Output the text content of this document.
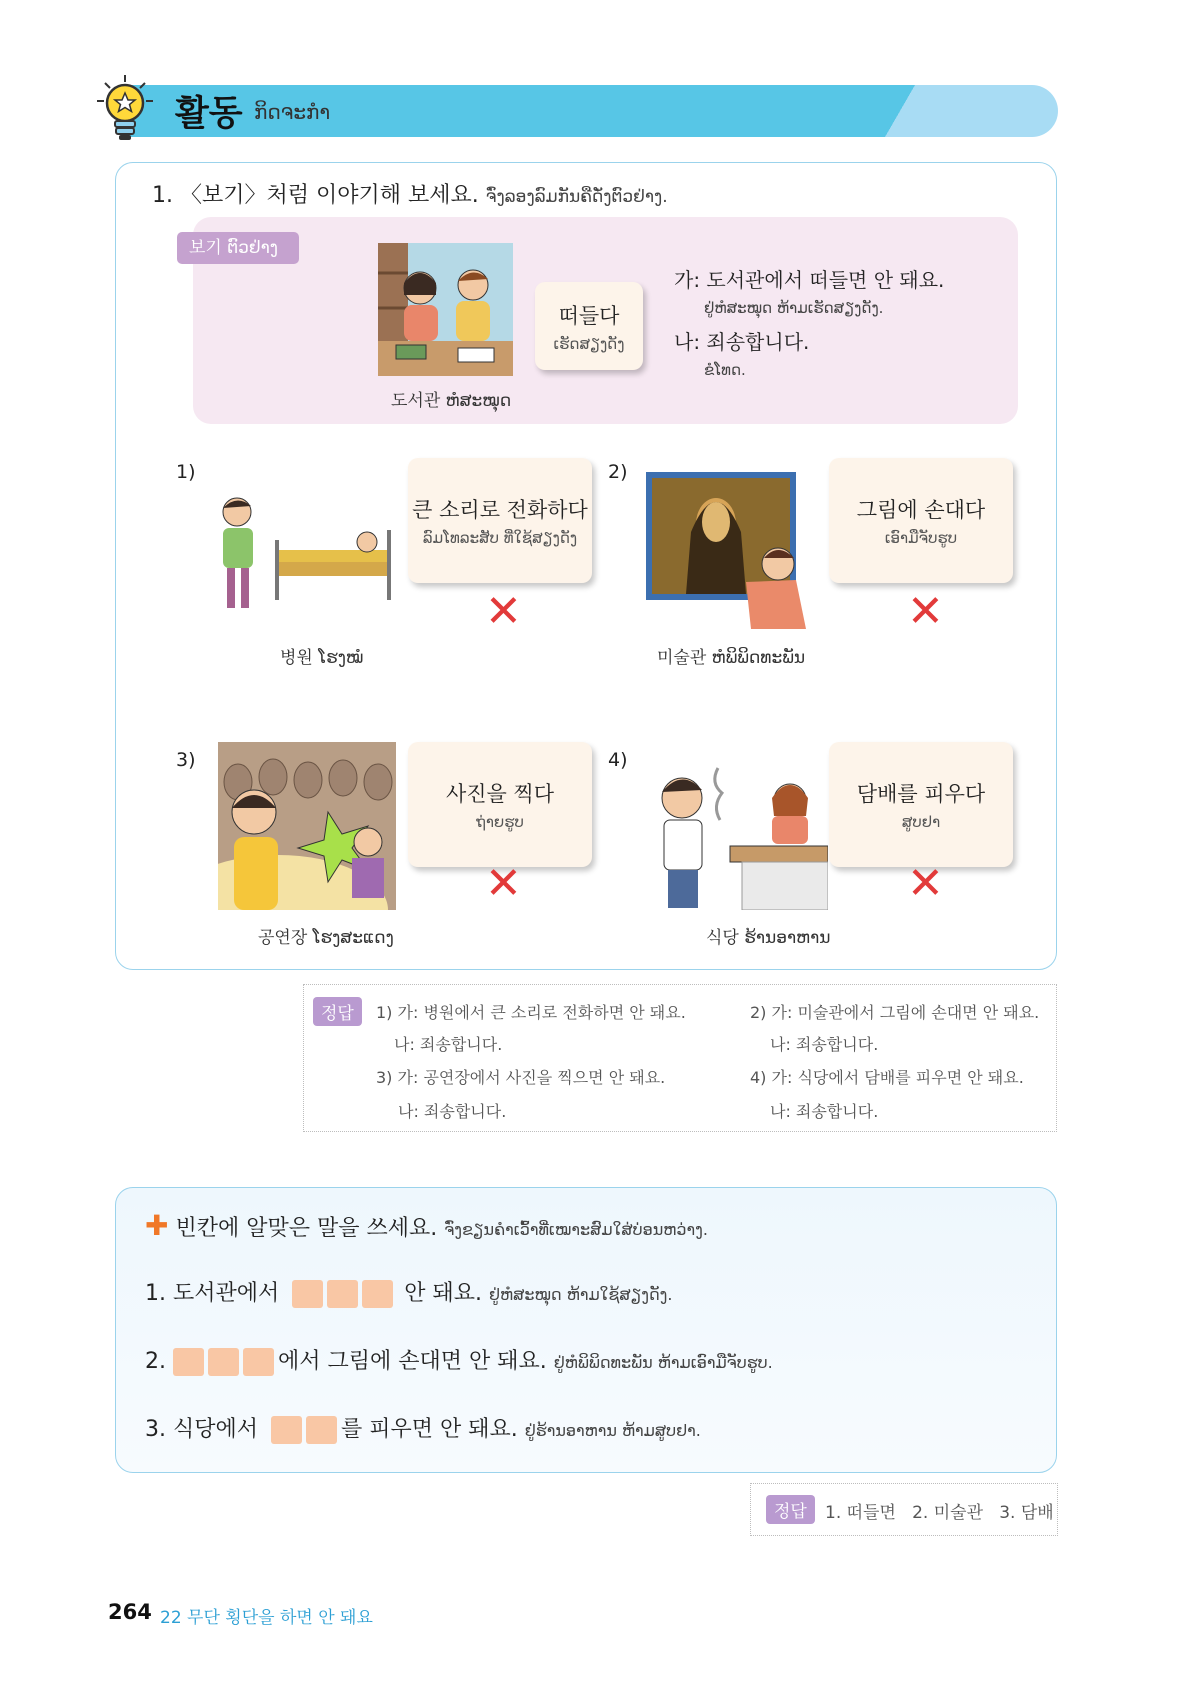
활동 ກິດຈະກຳ
1. 〈보기〉처럼 이야기해 보세요. ຈົ່ງລອງລົມກັນຄືດັ່ງຕົວຢ່າງ.
보기 ຕົວຢ່າງ
도서관 ຫໍສະໝຸດ
떠들다
ເຮັດສຽງດັງ
가: 도서관에서 떠들면 안 돼요.
ຢູ່ຫໍສະໝຸດ ຫ້າມເຮັດສຽງດັງ.
나: 죄송합니다.
ຂໍໂທດ.
1)
병원 ໂຮງໝໍ
큰 소리로 전화하다
ລົມໂທລະສັບ ທີ່ໃຊ້ສຽງດັງ
✕
2)
미술관 ຫໍພິພິດທະພັນ
그림에 손대다
ເອົາມືຈັບຮູບ
✕
3)
공연장 ໂຮງສະແດງ
사진을 찍다
ຖ່າຍຮູບ
✕
4)
식당 ຮ້ານອາຫານ
담배를 피우다
ສູບຢາ
✕
정답	1) 가: 병원에서 큰 소리로 전화하면 안 돼요.
나: 죄송합니다.
2) 가: 미술관에서 그림에 손대면 안 돼요.
나: 죄송합니다.
3) 가: 공연장에서 사진을 찍으면 안 돼요.
나: 죄송합니다.
4) 가: 식당에서 담배를 피우면 안 돼요.
나: 죄송합니다.
✚ 빈칸에 알맞은 말을 쓰세요. ຈົ່ງຂຽນຄຳເວົ້າທີ່ເໝາະສົມໃສ່ບ່ອນຫວ່າງ.
1. 도서관에서	안 돼요. ຢູ່ຫໍສະໝຸດ ຫ້າມໃຊ້ສຽງດັງ.
2.	에서 그림에 손대면 안 돼요. ຢູ່ຫໍພິພິດທະພັນ ຫ້າມເອົາມືຈັບຮູບ.
3. 식당에서	를 피우면 안 돼요. ຢູ່ຮ້ານອາຫານ ຫ້າມສູບຢາ.
정답	1. 떠들면   2. 미술관   3. 담배
264 22 무단 횡단을 하면 안 돼요
